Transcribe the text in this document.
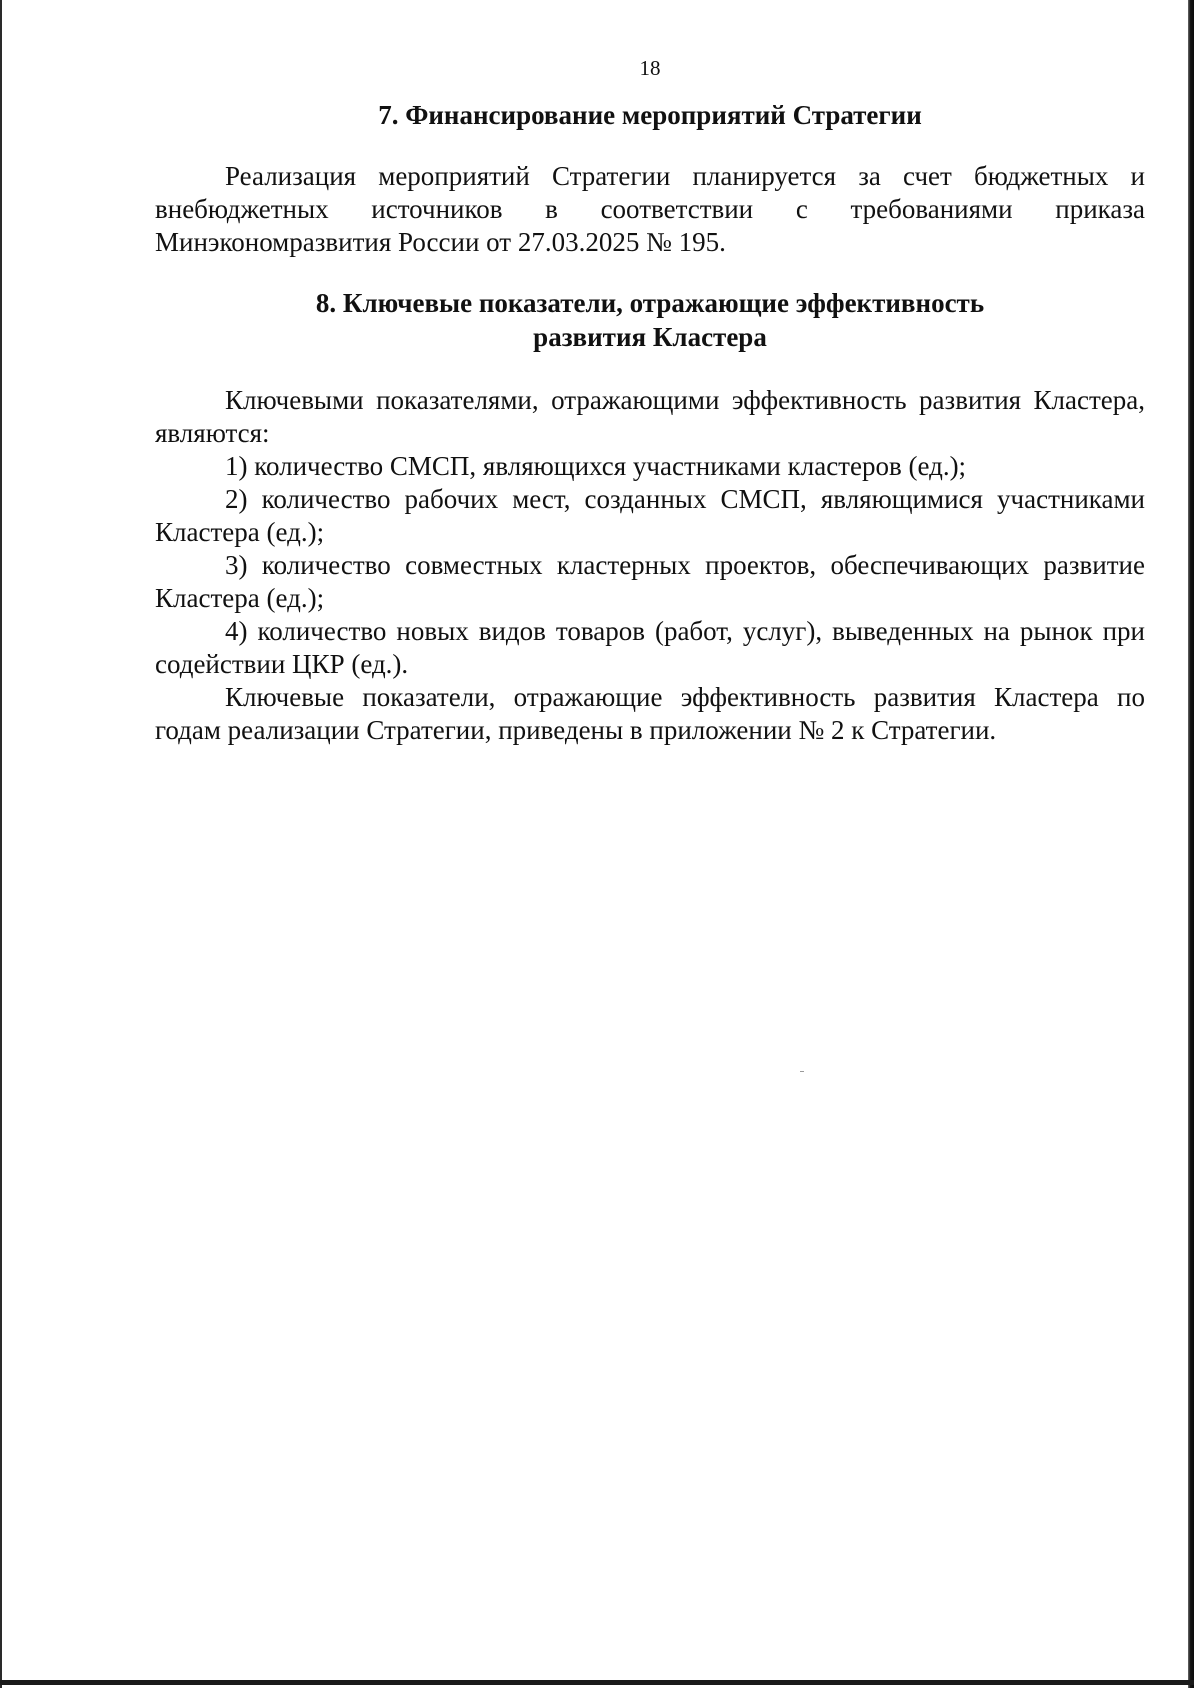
18

7. Финансирование мероприятий Стратегии

Реализация мероприятий Стратегии планируется за счет бюджетных и внебюджетных источников в соответствии с требованиями приказа Минэкономразвития России от 27.03.2025 № 195.

8. Ключевые показатели, отражающие эффективность

развития Кластера

Ключевыми показателями, отражающими эффективность развития Кластера, являются:

1) количество СМСП, являющихся участниками кластеров (ед.);

2) количество рабочих мест, созданных СМСП, являющимися участниками Кластера (ед.);

3) количество совместных кластерных проектов, обеспечивающих развитие Кластера (ед.);

4) количество новых видов товаров (работ, услуг), выведенных на рынок при содействии ЦКР (ед.).

Ключевые показатели, отражающие эффективность развития Кластера по годам реализации Стратегии, приведены в приложении № 2 к Стратегии.
